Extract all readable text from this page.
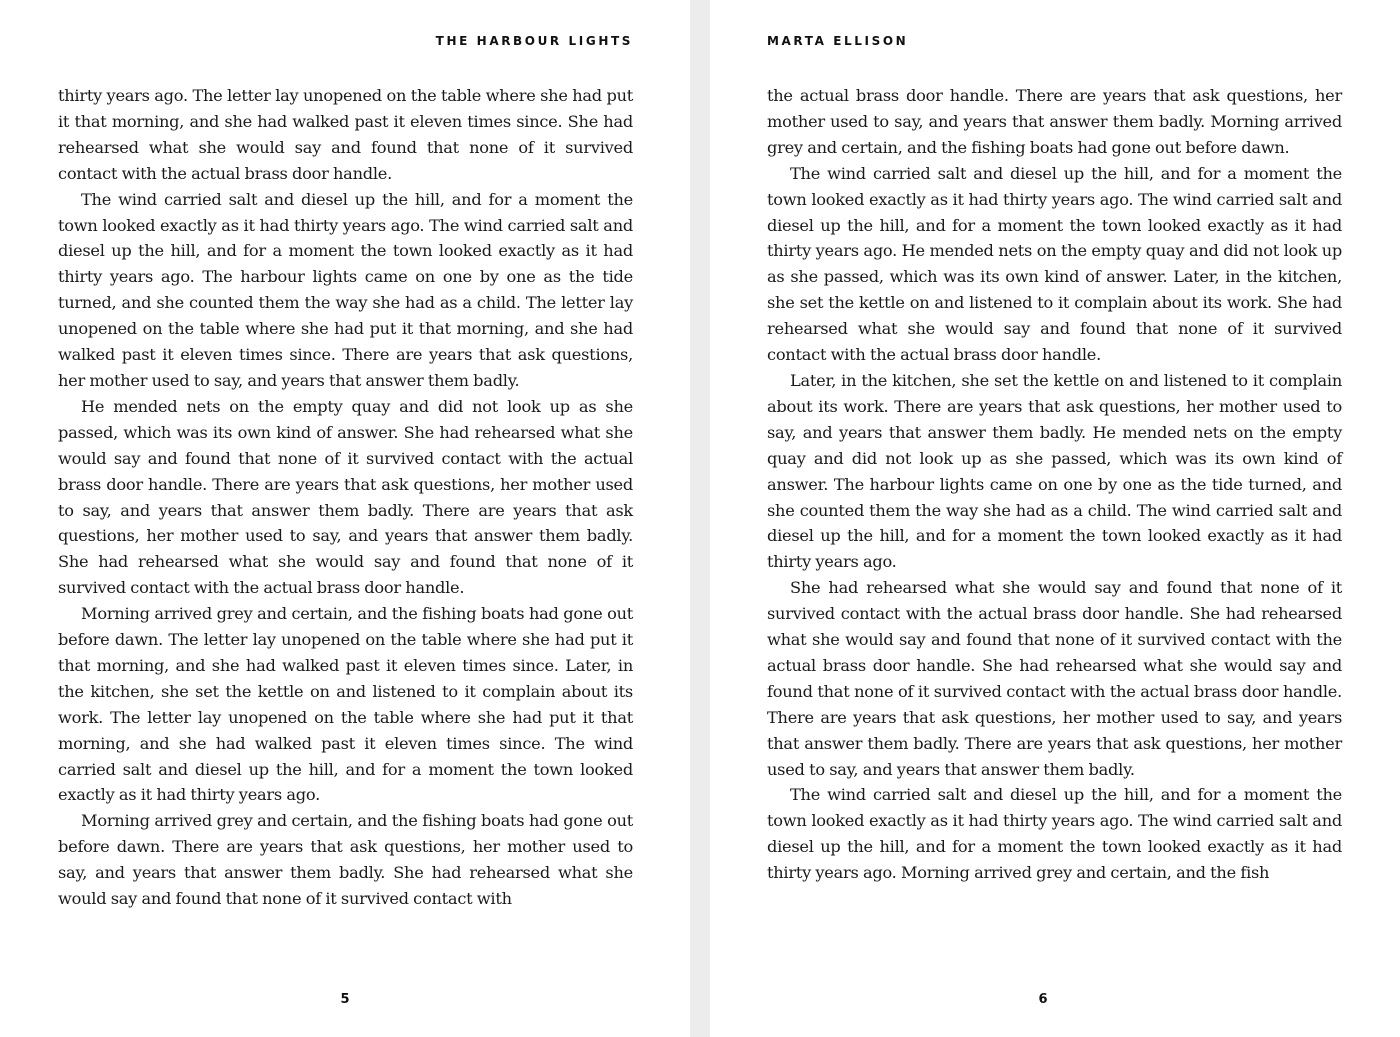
THE HARBOUR LIGHTS

thirty years ago. The letter lay unopened on the table where she had put it that morning, and she had walked past it eleven times since. She had rehearsed what she would say and found that none of it survived contact with the actual brass door handle.

The wind carried salt and diesel up the hill, and for a moment the town looked exactly as it had thirty years ago. The wind carried salt and diesel up the hill, and for a moment the town looked exactly as it had thirty years ago. The harbour lights came on one by one as the tide turned, and she counted them the way she had as a child. The letter lay unopened on the table where she had put it that morning, and she had walked past it eleven times since. There are years that ask questions, her mother used to say, and years that answer them badly.

He mended nets on the empty quay and did not look up as she passed, which was its own kind of answer. She had rehearsed what she would say and found that none of it survived contact with the actual brass door handle. There are years that ask questions, her mother used to say, and years that answer them badly. There are years that ask questions, her mother used to say, and years that answer them badly. She had rehearsed what she would say and found that none of it survived contact with the actual brass door handle.

Morning arrived grey and certain, and the fishing boats had gone out before dawn. The letter lay unopened on the table where she had put it that morning, and she had walked past it eleven times since. Later, in the kitchen, she set the kettle on and listened to it complain about its work. The letter lay unopened on the table where she had put it that morning, and she had walked past it eleven times since. The wind carried salt and diesel up the hill, and for a moment the town looked exactly as it had thirty years ago.

Morning arrived grey and certain, and the fishing boats had gone out before dawn. There are years that ask questions, her mother used to say, and years that answer them badly. She had rehearsed what she would say and found that none of it survived contact with

5
MARTA ELLISON

the actual brass door handle. There are years that ask questions, her mother used to say, and years that answer them badly. Morning arrived grey and certain, and the fishing boats had gone out before dawn.

The wind carried salt and diesel up the hill, and for a moment the town looked exactly as it had thirty years ago. The wind carried salt and diesel up the hill, and for a moment the town looked exactly as it had thirty years ago. He mended nets on the empty quay and did not look up as she passed, which was its own kind of answer. Later, in the kitchen, she set the kettle on and listened to it complain about its work. She had rehearsed what she would say and found that none of it survived contact with the actual brass door handle.

Later, in the kitchen, she set the kettle on and listened to it complain about its work. There are years that ask questions, her mother used to say, and years that answer them badly. He mended nets on the empty quay and did not look up as she passed, which was its own kind of answer. The harbour lights came on one by one as the tide turned, and she counted them the way she had as a child. The wind carried salt and diesel up the hill, and for a moment the town looked exactly as it had thirty years ago.

She had rehearsed what she would say and found that none of it survived contact with the actual brass door handle. She had rehearsed what she would say and found that none of it survived contact with the actual brass door handle. She had rehearsed what she would say and found that none of it survived contact with the actual brass door handle. There are years that ask questions, her mother used to say, and years that answer them badly. There are years that ask questions, her mother used to say, and years that answer them badly.

The wind carried salt and diesel up the hill, and for a moment the town looked exactly as it had thirty years ago. The wind carried salt and diesel up the hill, and for a moment the town looked exactly as it had thirty years ago. Morning arrived grey and certain, and the fish

6
